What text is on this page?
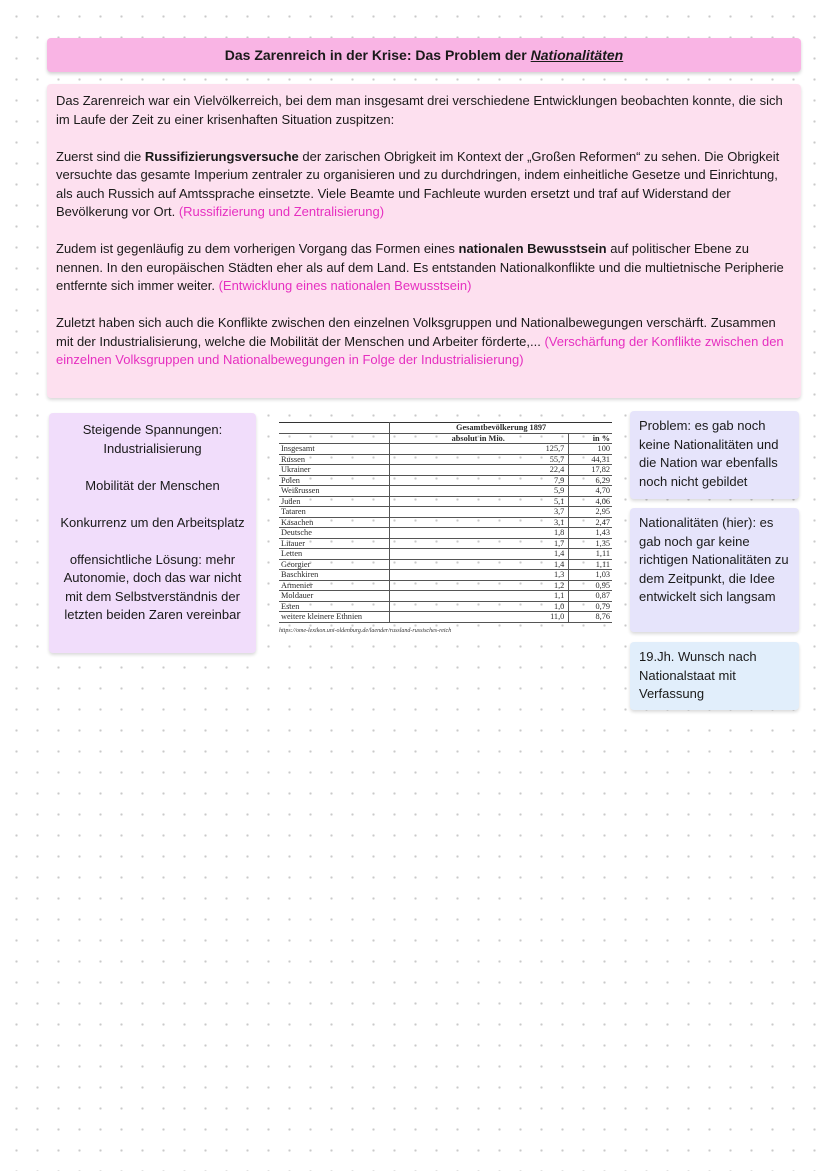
Das Zarenreich in der Krise: Das Problem der Nationalitäten

Das Zarenreich war ein Vielvölkerreich, bei dem man insgesamt drei verschiedene Entwicklungen beobachten konnte, die sich im Laufe der Zeit zu einer krisenhaften Situation zuspitzen:

Zuerst sind die Russifizierungsversuche der zarischen Obrigkeit im Kontext der „Großen Reformen“ zu sehen. Die Obrigkeit versuchte das gesamte Imperium zentraler zu organisieren und zu durchdringen, indem einheitliche Gesetze und Einrichtung, als auch Russich auf Amtssprache einsetzte. Viele Beamte und Fachleute wurden ersetzt und traf auf Widerstand der Bevölkerung vor Ort. (Russifizierung und Zentralisierung)

Zudem ist gegenläufig zu dem vorherigen Vorgang das Formen eines nationalen Bewusstsein auf politischer Ebene zu nennen. In den europäischen Städten eher als auf dem Land. Es entstanden Nationalkonflikte und die multietnische Peripherie entfernte sich immer weiter. (Entwicklung eines nationalen Bewusstsein)

Zuletzt haben sich auch die Konflikte zwischen den einzelnen Volksgruppen und Nationalbewegungen verschärft. Zusammen mit der Industrialisierung, welche die Mobilität der Menschen und Arbeiter förderte,... (Verschärfung der Konflikte zwischen den einzelnen Volksgruppen und Nationalbewegungen in Folge der Industrialisierung)

Steigende Spannungen: Industrialisierung

Mobilität der Menschen

Konkurrenz um den Arbeitsplatz

offensichtliche Lösung: mehr Autonomie, doch das war nicht mit dem Selbstverständnis der letzten beiden Zaren vereinbar

	Gesamtbevölkerung 1897	
	absolut in Mio.	in %
Insgesamt	125,7	100
Russen	55,7	44,31
Ukrainer	22,4	17,82
Polen	7,9	6,29
Weißrussen	5,9	4,70
Juden	5,1	4,06
Tataren	3,7	2,95
Kasachen	3,1	2,47
Deutsche	1,8	1,43
Litauer	1,7	1,35
Letten	1,4	1,11
Georgier	1,4	1,11
Baschkiren	1,3	1,03
Armenier	1,2	0,95
Moldauer	1,1	0,87
Esten	1,0	0,79
weitere kleinere Ethnien	11,0	8,76
https://ome-lexikon.uni-oldenburg.de/laender/russland-russisches-reich
Problem: es gab noch keine Nationalitäten und die Nation war ebenfalls noch nicht gebildet
Nationalitäten (hier): es gab noch gar keine richtigen Nationalitäten zu dem Zeitpunkt, die Idee entwickelt sich langsam
19.Jh. Wunsch nach Nationalstaat mit Verfassung
